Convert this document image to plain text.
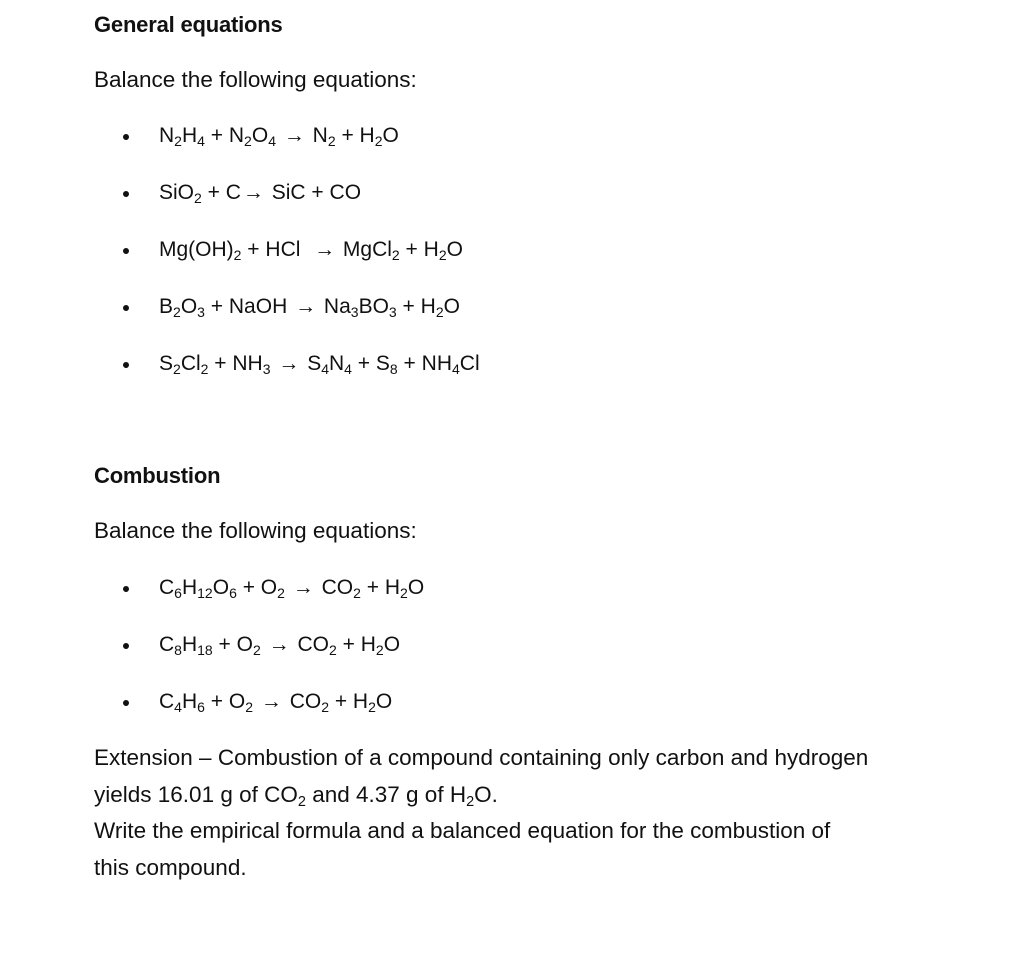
General equations
Balance the following equations:
$N_2H_4 + N_2O_4 \to N_2 + H_2O$
SiO$_2$ + C→ SiC + CO
$Mg(OH)_2$ + HCl  → MgCl$_2$ + $H_2O$
$B_2O_3$ + NaOH → $Na_3BO_3 + H_2O$
$S_2Cl_2 + NH_3 \to S_4N_4 + S_8 + NH_4Cl$
Combustion
Balance the following equations:
$C_6H_{12}O_6 + O_2 \to CO_2 + H_2O$
$C_8H_{18} + O_2 \to CO_2 + H_2O$
$C_4H_6 + O_2 \to CO_2 + H_2O$
Extension – Combustion of a compound containing only carbon and hydrogen
yields 16.01 g of $CO_2$ and 4.37 g of $H_2O$.
Write the empirical formula and a balanced equation for the combustion of
this compound.
